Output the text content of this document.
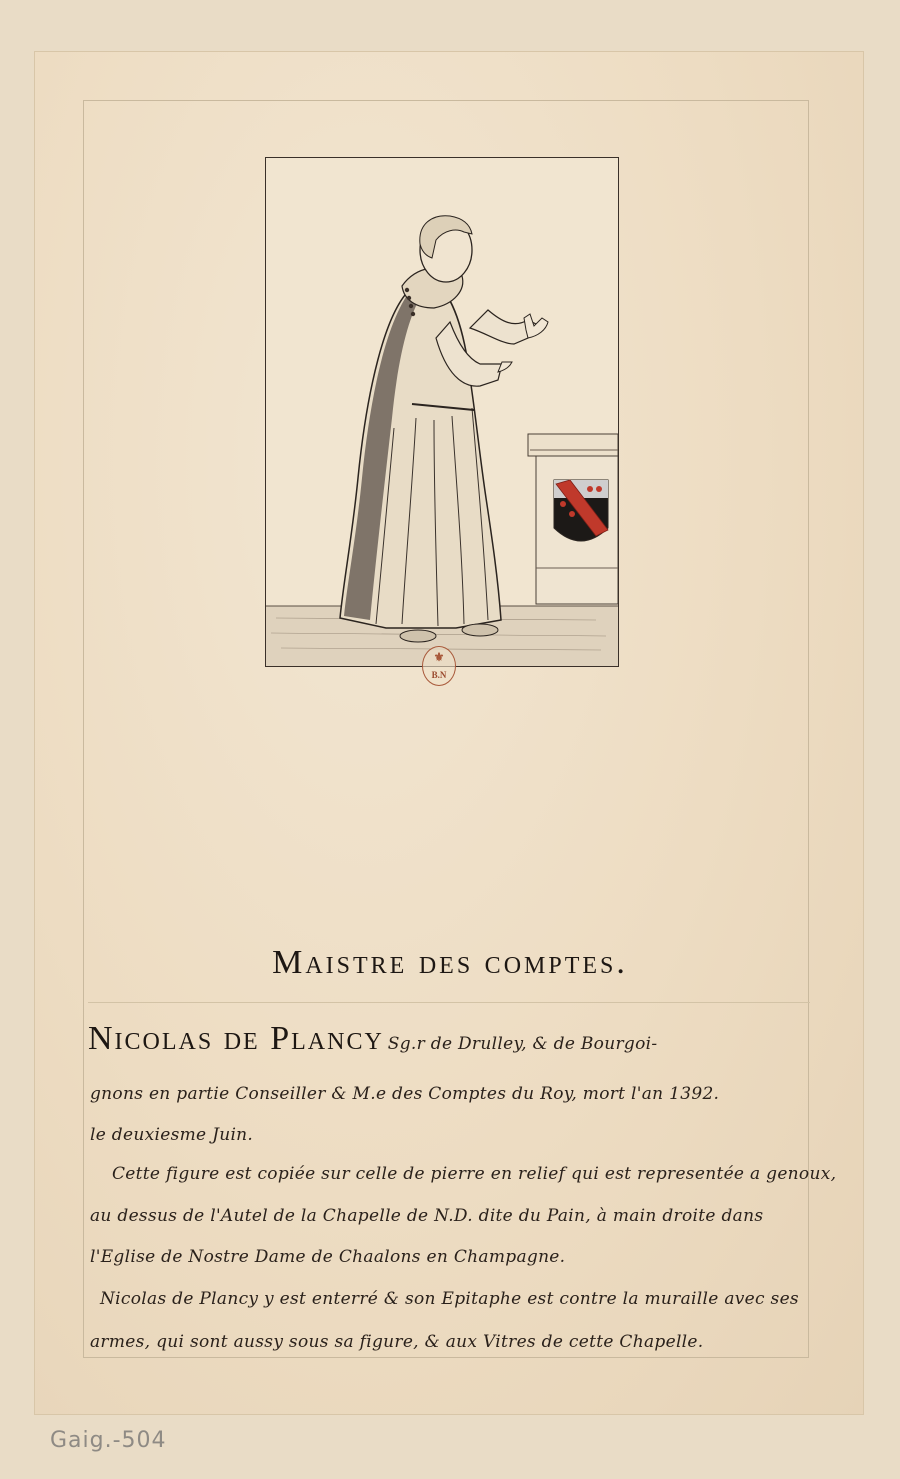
⚜ B.N
Maistre des comptes.
Nicolas de Plancy Sg.r de Drulley, & de Bourgoi-
gnons en partie Conseiller & M.e des Comptes du Roy, mort l'an 1392.
le deuxiesme Juin.
Cette figure est copiée sur celle de pierre en relief qui est representée a genoux,
au dessus de l'Autel de la Chapelle de N.D. dite du Pain, à main droite dans
l'Eglise de Nostre Dame de Chaalons en Champagne.
Nicolas de Plancy y est enterré & son Epitaphe est contre la muraille avec ses
armes, qui sont aussy sous sa figure, & aux Vitres de cette Chapelle.
Gaig.-504
